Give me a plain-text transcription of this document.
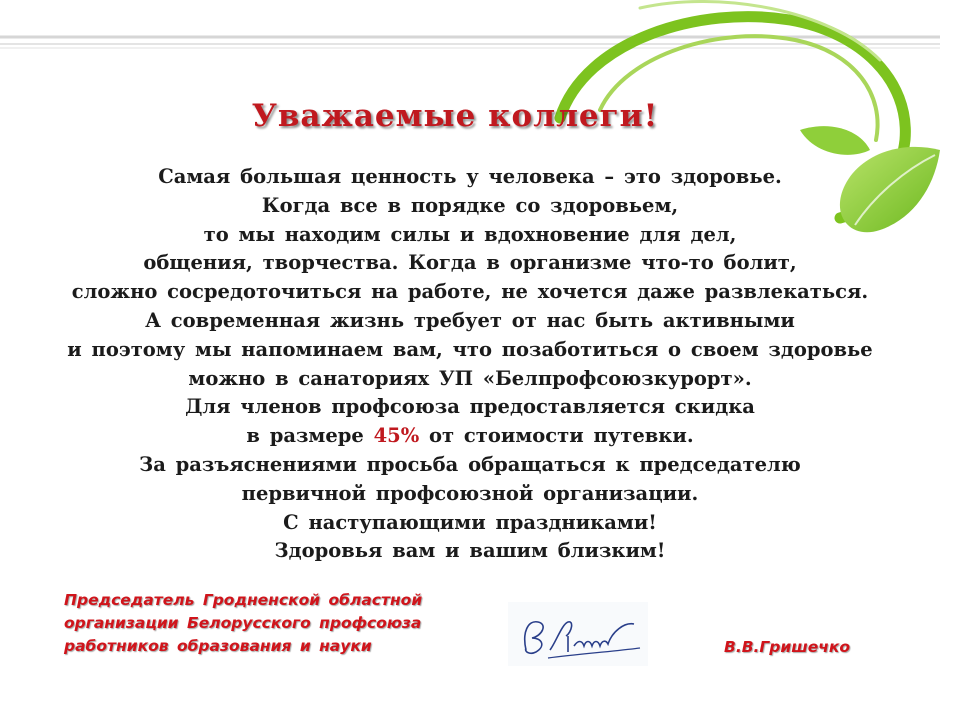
Уважаемые коллеги!
Самая большая ценность у человека – это здоровье.
Когда все в порядке со здоровьем,
то мы находим силы и вдохновение для дел,
общения, творчества. Когда в организме что-то болит,
сложно сосредоточиться на работе, не хочется даже развлекаться.
А современная жизнь требует от нас быть активными
и поэтому мы напоминаем вам, что позаботиться о своем здоровье
можно в санаториях УП «Белпрофсоюзкурорт».
Для членов профсоюза предоставляется скидка
в размере 45% от стоимости путевки.
За разъяснениями просьба обращаться к председателю
первичной профсоюзной организации.
С наступающими праздниками!
Здоровья вам и вашим близким!
Председатель Гродненской областной
организации Белорусского профсоюза
работников образования и науки	В.В.Гришечко
